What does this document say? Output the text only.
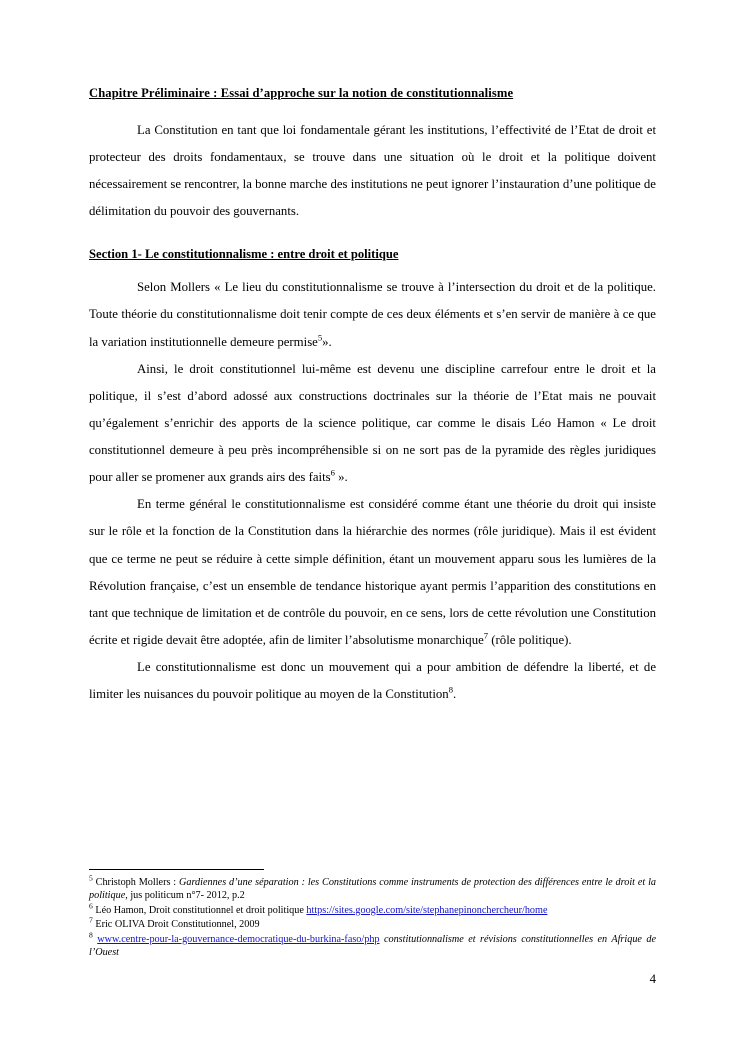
Chapitre Préliminaire : Essai d’approche sur la notion de constitutionnalisme

La Constitution en tant que loi fondamentale gérant les institutions, l’effectivité de l’Etat de droit et protecteur des droits fondamentaux, se trouve dans une situation où le droit et la politique doivent nécessairement se rencontrer, la bonne marche des institutions ne peut ignorer l’instauration d’une politique de délimitation du pouvoir des gouvernants.

Section 1- Le constitutionnalisme : entre droit et politique

Selon Mollers « Le lieu du constitutionnalisme se trouve à l’intersection du droit et de la politique. Toute théorie du constitutionnalisme doit tenir compte de ces deux éléments et s’en servir de manière à ce que la variation institutionnelle demeure permise$^5$».

Ainsi, le droit constitutionnel lui-même est devenu une discipline carrefour entre le droit et la politique, il s’est d’abord adossé aux constructions doctrinales sur la théorie de l’Etat mais ne pouvait qu’également s’enrichir des apports de la science politique, car comme le disais Léo Hamon « Le droit constitutionnel demeure à peu près incompréhensible si on ne sort pas de la pyramide des règles juridiques pour aller se promener aux grands airs des faits$^6$ ».

En terme général le constitutionnalisme est considéré comme étant une théorie du droit qui insiste sur le rôle et la fonction de la Constitution dans la hiérarchie des normes (rôle juridique). Mais il est évident que ce terme ne peut se réduire à cette simple définition, étant un mouvement apparu sous les lumières de la Révolution française, c’est un ensemble de tendance historique ayant permis l’apparition des constitutions en tant que technique de limitation et de contrôle du pouvoir, en ce sens, lors de cette révolution une Constitution écrite et rigide devait être adoptée, afin de limiter l’absolutisme monarchique$^7$ (rôle politique).

Le constitutionnalisme est donc un mouvement qui a pour ambition de défendre la liberté, et de limiter les nuisances du pouvoir politique au moyen de la Constitution$^8$.

$^5$ Christoph Mollers : Gardiennes d’une séparation : les Constitutions comme instruments de protection des différences entre le droit et la politique, jus politicum n°7- 2012, p.2

$^6$ Léo Hamon, Droit constitutionnel et droit politique https://sites.google.com/site/stephanepinonchercheur/home

$^7$ Eric OLIVA Droit Constitutionnel, 2009

$^8$ www.centre-pour-la-gouvernance-democratique-du-burkina-faso/php constitutionnalisme et révisions constitutionnelles en Afrique de l’Ouest

4
